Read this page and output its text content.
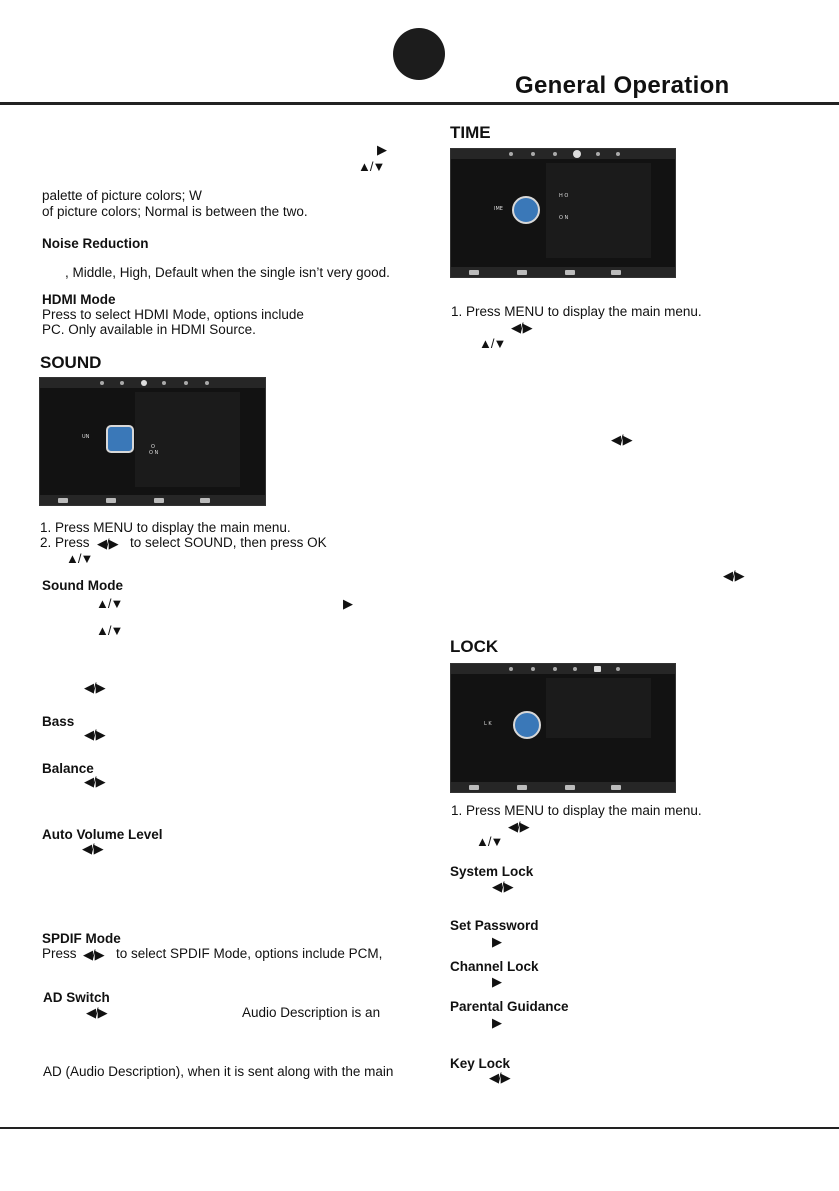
General Operation
▶
▲/▼
palette of picture colors; W
of picture colors; Normal is between the two.
Noise Reduction
, Middle, High, Default when the single isn’t very good.
HDMI Mode
Press to select HDMI Mode, options include
PC. Only available in HDMI Source.
SOUND
UN
O
O N
1. Press MENU to display the main menu.
2. Press ◀/▶ to select SOUND, then press OK
▲/▼
Sound Mode
▲/▼	▶
▲/▼
◀/▶
Bass
◀/▶
Balance
◀/▶
Auto Volume Level
◀/▶
SPDIF Mode
Press ◀/▶ to select SPDIF Mode, options include PCM,
AD Switch
◀/▶	Audio Description is an
AD (Audio Description), when it is sent along with the main
TIME
IME
H O
O N
1. Press MENU to display the main menu.
◀/▶
▲/▼
◀/▶
◀/▶
LOCK
L K
1. Press MENU to display the main menu.
◀/▶
▲/▼
System Lock
◀/▶
Set Password
▶
Channel Lock
▶
Parental Guidance
▶
Key Lock
◀/▶
